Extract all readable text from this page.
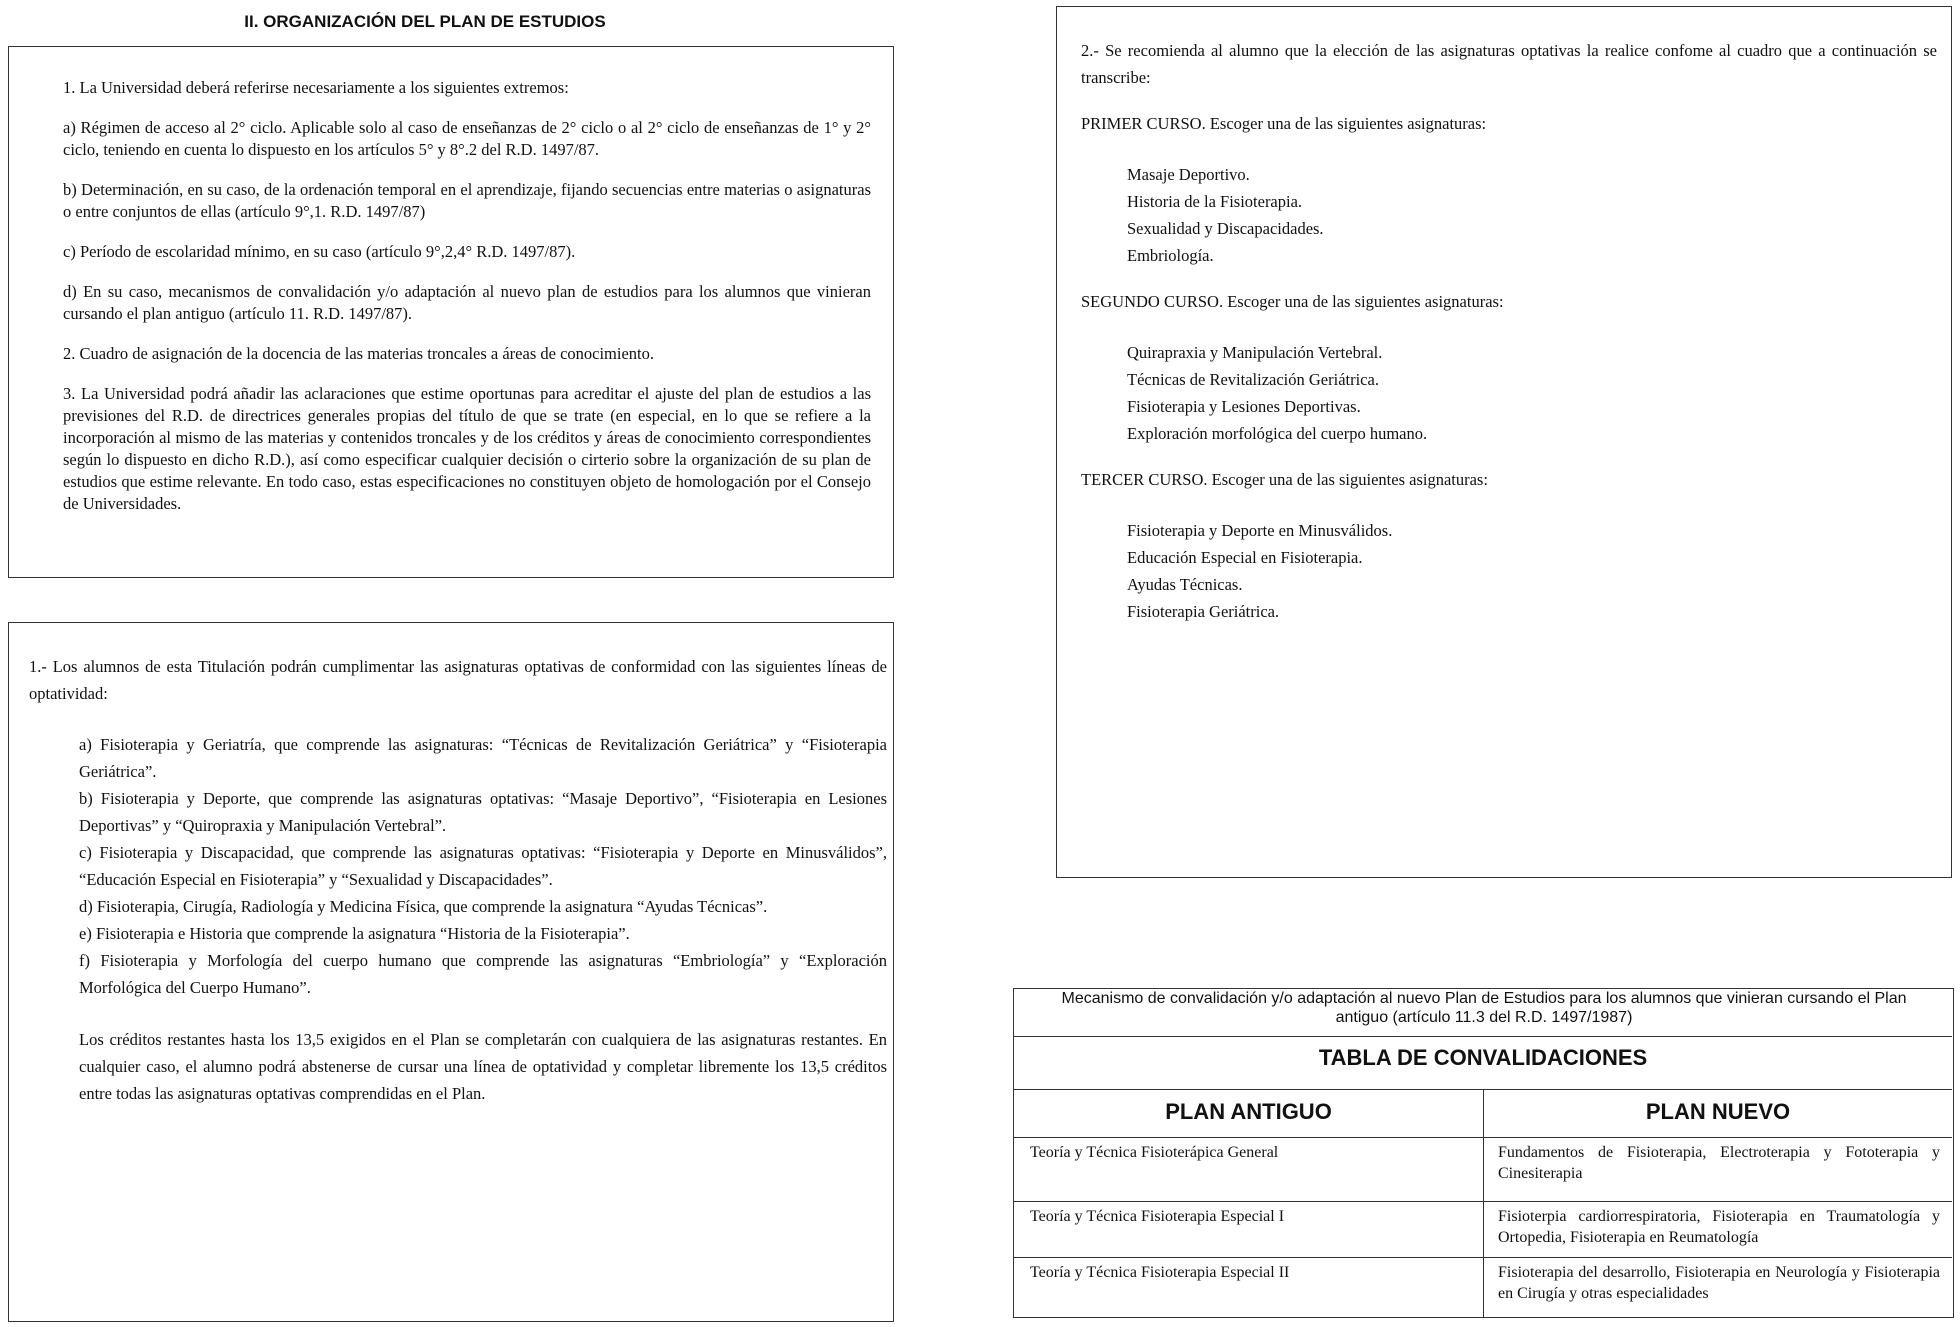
II. ORGANIZACIÓN DEL PLAN DE ESTUDIOS

1. La Universidad deberá referirse necesariamente a los siguientes extremos:

a) Régimen de acceso al 2° ciclo. Aplicable solo al caso de enseñanzas de 2° ciclo o al 2° ciclo de enseñanzas de 1° y 2° ciclo, teniendo en cuenta lo dispuesto en los artículos 5° y 8°.2 del R.D. 1497/87.

b) Determinación, en su caso, de la ordenación temporal en el aprendizaje, fijando secuencias entre materias o asignaturas o entre conjuntos de ellas (artículo 9°,1. R.D. 1497/87)

c) Período de escolaridad mínimo, en su caso (artículo 9°,2,4° R.D. 1497/87).

d) En su caso, mecanismos de convalidación y/o adaptación al nuevo plan de estudios para los alumnos que vinieran cursando el plan antiguo (artículo 11. R.D. 1497/87).

2. Cuadro de asignación de la docencia de las materias troncales a áreas de conocimiento.

3. La Universidad podrá añadir las aclaraciones que estime oportunas para acreditar el ajuste del plan de estudios a las previsiones del R.D. de directrices generales propias del título de que se trate (en especial, en lo que se refiere a la incorporación al mismo de las materias y contenidos troncales y de los créditos y áreas de conocimiento correspondientes según lo dispuesto en dicho R.D.), así como especificar cualquier decisión o cirterio sobre la organización de su plan de estudios que estime relevante. En todo caso, estas especificaciones no constituyen objeto de homologación por el Consejo de Universidades.

1.- Los alumnos de esta Titulación podrán cumplimentar las asignaturas optativas de conformidad con las siguientes líneas de optatividad:

a) Fisioterapia y Geriatría, que comprende las asignaturas: “Técnicas de Revitalización Geriátrica” y “Fisioterapia Geriátrica”.

b) Fisioterapia y Deporte, que comprende las asignaturas optativas: “Masaje Deportivo”, “Fisioterapia en Lesiones Deportivas” y “Quiropraxia y Manipulación Vertebral”.

c) Fisioterapia y Discapacidad, que comprende las asignaturas optativas: “Fisioterapia y Deporte en Minusválidos”, “Educación Especial en Fisioterapia” y “Sexualidad y Discapacidades”.

d) Fisioterapia, Cirugía, Radiología y Medicina Física, que comprende la asignatura “Ayudas Técnicas”.

e) Fisioterapia e Historia que comprende la asignatura “Historia de la Fisioterapia”.

f) Fisioterapia y Morfología del cuerpo humano que comprende las asignaturas “Embriología” y “Exploración Morfológica del Cuerpo Humano”.

Los créditos restantes hasta los 13,5 exigidos en el Plan se completarán con cualquiera de las asignaturas restantes. En cualquier caso, el alumno podrá abstenerse de cursar una línea de optatividad y completar libremente los 13,5 créditos entre todas las asignaturas optativas comprendidas en el Plan.

2.- Se recomienda al alumno que la elección de las asignaturas optativas la realice confome al cuadro que a continuación se transcribe:

PRIMER CURSO. Escoger una de las siguientes asignaturas:

Masaje Deportivo.
Historia de la Fisioterapia.
Sexualidad y Discapacidades.
Embriología.

SEGUNDO CURSO. Escoger una de las siguientes asignaturas:

Quirapraxia y Manipulación Vertebral.
Técnicas de Revitalización Geriátrica.
Fisioterapia y Lesiones Deportivas.
Exploración morfológica del cuerpo humano.

TERCER CURSO. Escoger una de las siguientes asignaturas:

Fisioterapia y Deporte en Minusválidos.
Educación Especial en Fisioterapia.
Ayudas Técnicas.
Fisioterapia Geriátrica.
Mecanismo de convalidación y/o adaptación al nuevo Plan de Estudios para los alumnos que vinieran cursando el Plan antiguo (artículo 11.3 del R.D. 1497/1987)
TABLA DE CONVALIDACIONES
PLAN ANTIGUO	PLAN NUEVO
Teoría y Técnica Fisioterápica General	Fundamentos de Fisioterapia, Electroterapia y Fototerapia y Cinesiterapia
Teoría y Técnica Fisioterapia Especial I	Fisioterpia cardiorrespiratoria, Fisioterapia en Traumatología y Ortopedia, Fisioterapia en Reumatología
Teoría y Técnica Fisioterapia Especial II	Fisioterapia del desarrollo, Fisioterapia en Neurología y Fisioterapia en Cirugía y otras especialidades
